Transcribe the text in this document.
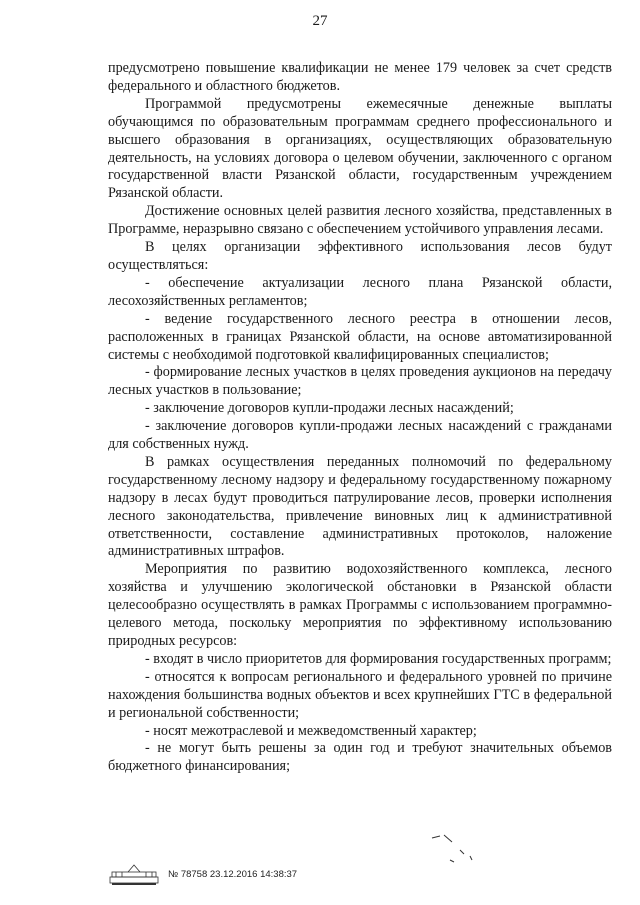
27

предусмотрено повышение квалификации не менее 179 человек за счет средств федерального и областного бюджетов.

Программой предусмотрены ежемесячные денежные выплаты обучающимся по образовательным программам среднего профессионального и высшего образования в организациях, осуществляющих образовательную деятельность, на условиях договора о целевом обучении, заключенного с органом государственной власти Рязанской области, государственным учреждением Рязанской области.

Достижение основных целей развития лесного хозяйства, представленных в Программе, неразрывно связано с обеспечением устойчивого управления лесами.

В целях организации эффективного использования лесов будут осуществляться:

- обеспечение актуализации лесного плана Рязанской области, лесохозяйственных регламентов;

- ведение государственного лесного реестра в отношении лесов, расположенных в границах Рязанской области, на основе автоматизированной системы с необходимой подготовкой квалифицированных специалистов;

- формирование лесных участков в целях проведения аукционов на передачу лесных участков в пользование;

- заключение договоров купли-продажи лесных насаждений;

- заключение договоров купли-продажи лесных насаждений с гражданами для собственных нужд.

В рамках осуществления переданных полномочий по федеральному государственному лесному надзору и федеральному государственному пожарному надзору в лесах будут проводиться патрулирование лесов, проверки исполнения лесного законодательства, привлечение виновных лиц к административной ответственности, составление административных протоколов, наложение административных штрафов.

Мероприятия по развитию водохозяйственного комплекса, лесного хозяйства и улучшению экологической обстановки в Рязанской области целесообразно осуществлять в рамках Программы с использованием программно-целевого метода, поскольку мероприятия по эффективному использованию природных ресурсов:

- входят в число приоритетов для формирования государственных программ;

- относятся к вопросам регионального и федерального уровней по причине нахождения большинства водных объектов и всех крупнейших ГТС в федеральной и региональной собственности;

- носят межотраслевой и межведомственный характер;

- не могут быть решены за один год и требуют значительных объемов бюджетного финансирования;

№ 78758 23.12.2016 14:38:37
